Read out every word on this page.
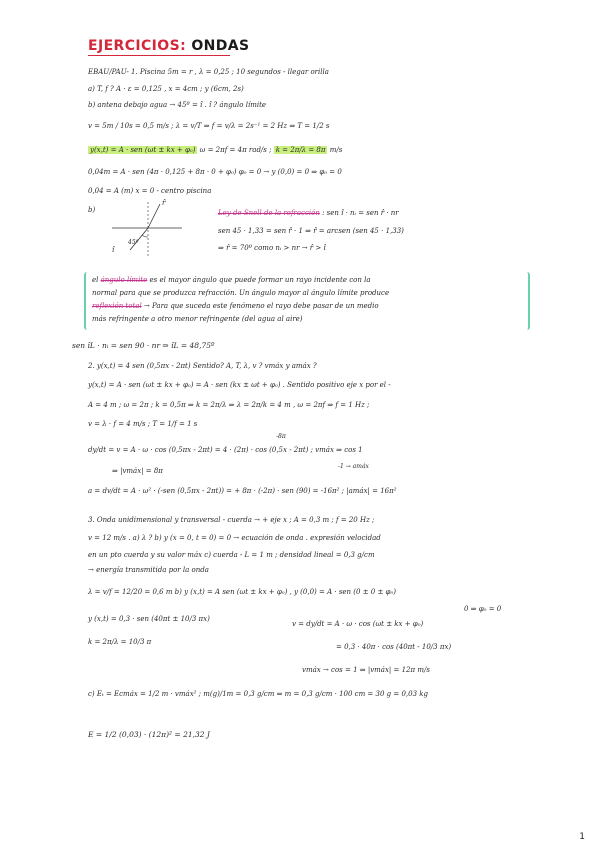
EJERCICIOS: ONDAS
EBAU/PAU- 1. Piscina 5m = r , λ = 0,25 ; 10 segundos - llegar orilla
a) T, f ? A · ε = 0,125 , x = 4cm ; y (6cm, 2s)
b) antena debajo agua → 45º = î . î ? ángulo límite
v = 5m / 10s = 0,5 m/s ; λ = v/T ⇒ f = v/λ = 2s⁻¹ = 2 Hz ⇒ T = 1/2 s
y(x,t) = A · sen (ωt ± kx + φ₀) ω = 2πf = 4π rad/s ; k = 2π/λ = 8π m/s
0,04m = A · sen (4π · 0,125 + 8π · 0 + φ₀) φ₀ = 0 → y (0,0) = 0 ⇒ φ₀ = 0
0,04 = A (m) x = 0 - centro piscina
b)	Ley de Snell de la refracción : sen î · nᵢ = sen r̂ · nr
sen 45 · 1,33 = sen r̂ · 1 ⇒ r̂ = arcsen (sen 45 · 1,33)
⇒ r̂ = 70º como nᵢ > nr → r̂ > î
r̂
î
45º
el ángulo límite es el mayor ángulo que puede formar un rayo incidente con la
normal para que se produzca refracción. Un ángulo mayor al ángulo límite produce
reflexión total → Para que suceda este fenómeno el rayo debe pasar de un medio
más refringente a otro menor refringente (del agua al aire)
sen îL · nᵢ = sen 90 · nr ⇒ îL = 48,75º
2. y(x,t) = 4 sen (0,5πx - 2πt) Sentido? A, T, λ, v ? vmáx y amáx ?
y(x,t) = A · sen (ωt ± kx + φ₀) = A · sen (kx ± ωt + φ₀) . Sentido positivo eje x por el -
A = 4 m ; ω = 2π ; k = 0,5π ⇒ k = 2π/λ ⇒ λ = 2π/k = 4 m , ω = 2πf ⇒ f = 1 Hz ;
v = λ · f = 4 m/s ; T = 1/f = 1 s
-8π
dy/dt = v = A · ω · cos (0,5πx - 2πt) = 4 · (2π) · cos (0,5x - 2πt) ; vmáx ⇒ cos 1
⇒ |vmáx| = 8π
-1 → amáx
a = dv/dt = A · ω² · (-sen (0,5πx - 2πt)) = + 8π · (-2π) · sen (90) = -16π² ; |amáx| = 16π²
3. Onda unidimensional y transversal - cuerda → + eje x ; A = 0,3 m ; f = 20 Hz ;
v = 12 m/s . a) λ ? b) y (x = 0, t = 0) = 0 → ecuación de onda . expresión velocidad
en un pto cuerda y su valor máx c) cuerda - L = 1 m ; densidad lineal = 0,3 g/cm
→ energía transmitida por la onda
λ = v/f = 12/20 = 0,6 m b) y (x,t) = A sen (ωt ± kx + φ₀) , y (0,0) = A · sen (0 ± 0 ± φ₀)
0 ⇒ φ₀ = 0
y (x,t) = 0,3 · sen (40πt ± 10/3 πx)
v = dy/dt = A · ω · cos (ωt ± kx + φ₀)
k = 2π/λ = 10/3 π
= 0,3 · 40π · cos (40πt - 10/3 πx)
vmáx → cos = 1 ⇒ |vmáx| = 12π m/s
c) Eₜ = Ecmáx = 1/2 m · vmáx² ; m(g)/1m = 0,3 g/cm ⇒ m = 0,3 g/cm · 100 cm = 30 g = 0,03 kg
E = 1/2 (0,03) · (12π)² = 21,32 J
1
